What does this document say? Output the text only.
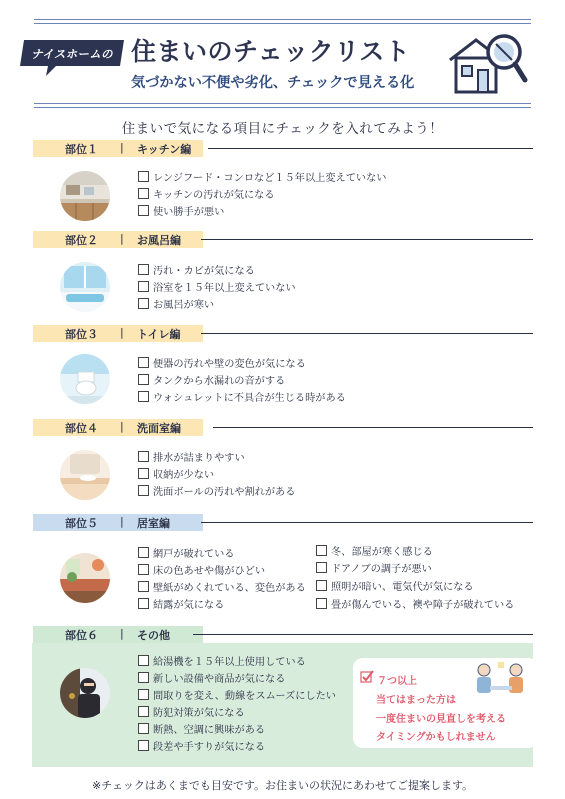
ナイスホームの 住まいのチェックリスト
気づかない不便や劣化、チェックで見える化
住まいで気になる項目にチェックを入れてみよう！
部位１ | キッチン編
レンジフード・コンロなど１５年以上変えていない
キッチンの汚れが気になる
使い勝手が悪い
部位２ | お風呂編
汚れ・カビが気になる
浴室を１５年以上変えていない
お風呂が寒い
部位３ | トイレ編
便器の汚れや壁の変色が気になる
タンクから水漏れの音がする
ウォシュレットに不具合が生じる時がある
部位４ | 洗面室編
排水が詰まりやすい
収納が少ない
洗面ボールの汚れや割れがある
部位５ | 居室編
網戸が破れている
床の色あせや傷がひどい
壁紙がめくれている、変色がある
結露が気になる
冬、部屋が寒く感じる
ドアノブの調子が悪い
照明が暗い、電気代が気になる
畳が傷んでいる、襖や障子が破れている
部位６ | その他
給湯機を１５年以上使用している
新しい設備や商品が気になる
間取りを変え、動線をスムーズにしたい
防犯対策が気になる
断熱、空調に興味がある
段差や手すりが気になる
７つ以上
当てはまった方は
一度住まいの見直しを考える
タイミングかもしれません
※チェックはあくまでも目安です。お住まいの状況にあわせてご提案します。
